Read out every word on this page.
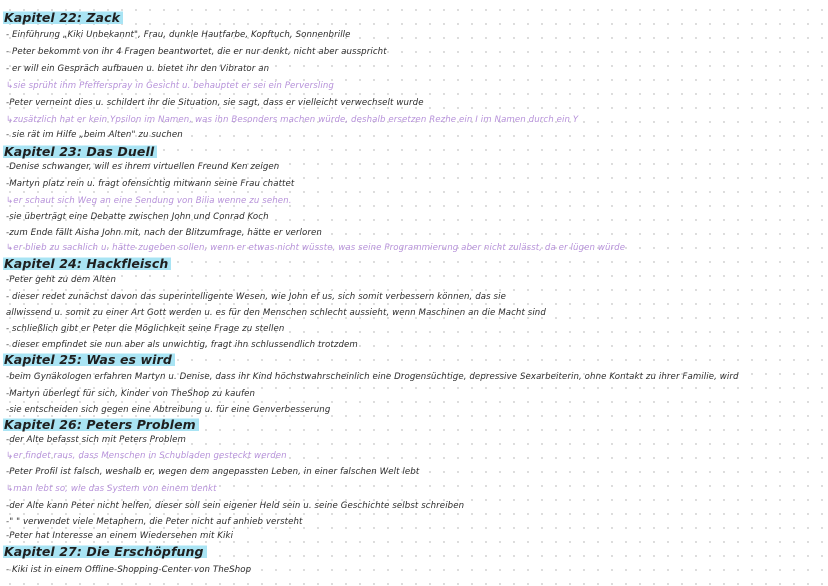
Kapitel 22: Zack
- Einführung „Kiki Unbekannt", Frau, dunkle Hautfarbe, Kopftuch, Sonnenbrille
- Peter bekommt von ihr 4 Fragen beantwortet, die er nur denkt, nicht aber ausspricht
- er will ein Gespräch aufbauen u. bietet ihr den Vibrator an
↳sie sprüht ihm Pfefferspray in Gesicht u. behauptet er sei ein Perversling
-Peter verneint dies u. schildert ihr die Situation, sie sagt, dass er vielleicht verwechselt wurde
↳zusätzlich hat er kein Ypsilon im Namen, was ihn Besonders machen würde, deshalb ersetzen Rezhe ein I im Namen durch ein Y
- sie rät im Hilfe „beim Alten" zu suchen
Kapitel 23: Das Duell
-Denise schwanger, will es ihrem virtuellen Freund Ken zeigen
-Martyn platz rein u. fragt ofensichtig mitwann seine Frau chattet
↳er schaut sich Weg an eine Sendung von Bilia wenne zu sehen.
-sie überträgt eine Debatte zwischen John und Conrad Koch
-zum Ende fällt Aisha John mit, nach der Blitzumfrage, hätte er verloren
↳er blieb zu sachlich u. hätte zugeben sollen, wenn er etwas nicht wüsste, was seine Programmierung aber nicht zulässt, da er lügen würde
Kapitel 24: Hackfleisch
-Peter geht zu dem Alten
- dieser redet zunächst davon das superintelligente Wesen, wie John ef us, sich somit verbessern können, das sie
allwissend u. somit zu einer Art Gott werden u. es für den Menschen schlecht aussieht, wenn Maschinen an die Macht sind
- schließlich gibt er Peter die Möglichkeit seine Frage zu stellen
- dieser empfindet sie nun aber als unwichtig, fragt ihn schlussendlich trotzdem
Kapitel 25: Was es wird
-beim Gynäkologen erfahren Martyn u. Denise, dass ihr Kind höchstwahrscheinlich eine Drogensüchtige, depressive Sexarbeiterin, ohne Kontakt zu ihrer Familie, wird
-Martyn überlegt für sich, Kinder von TheShop zu kaufen
-sie entscheiden sich gegen eine Abtreibung u. für eine Genverbesserung
Kapitel 26: Peters Problem
-der Alte befasst sich mit Peters Problem
↳er findet raus, dass Menschen in Schubladen gesteckt werden
-Peter Profil ist falsch, weshalb er, wegen dem angepassten Leben, in einer falschen Welt lebt
↳man lebt so, wie das System von einem denkt
-der Alte kann Peter nicht helfen, dieser soll sein eigener Held sein u. seine Geschichte selbst schreiben
-" " verwendet viele Metaphern, die Peter nicht auf anhieb versteht
-Peter hat Interesse an einem Wiedersehen mit Kiki
Kapitel 27: Die Erschöpfung
- Kiki ist in einem Offline-Shopping-Center von TheShop
